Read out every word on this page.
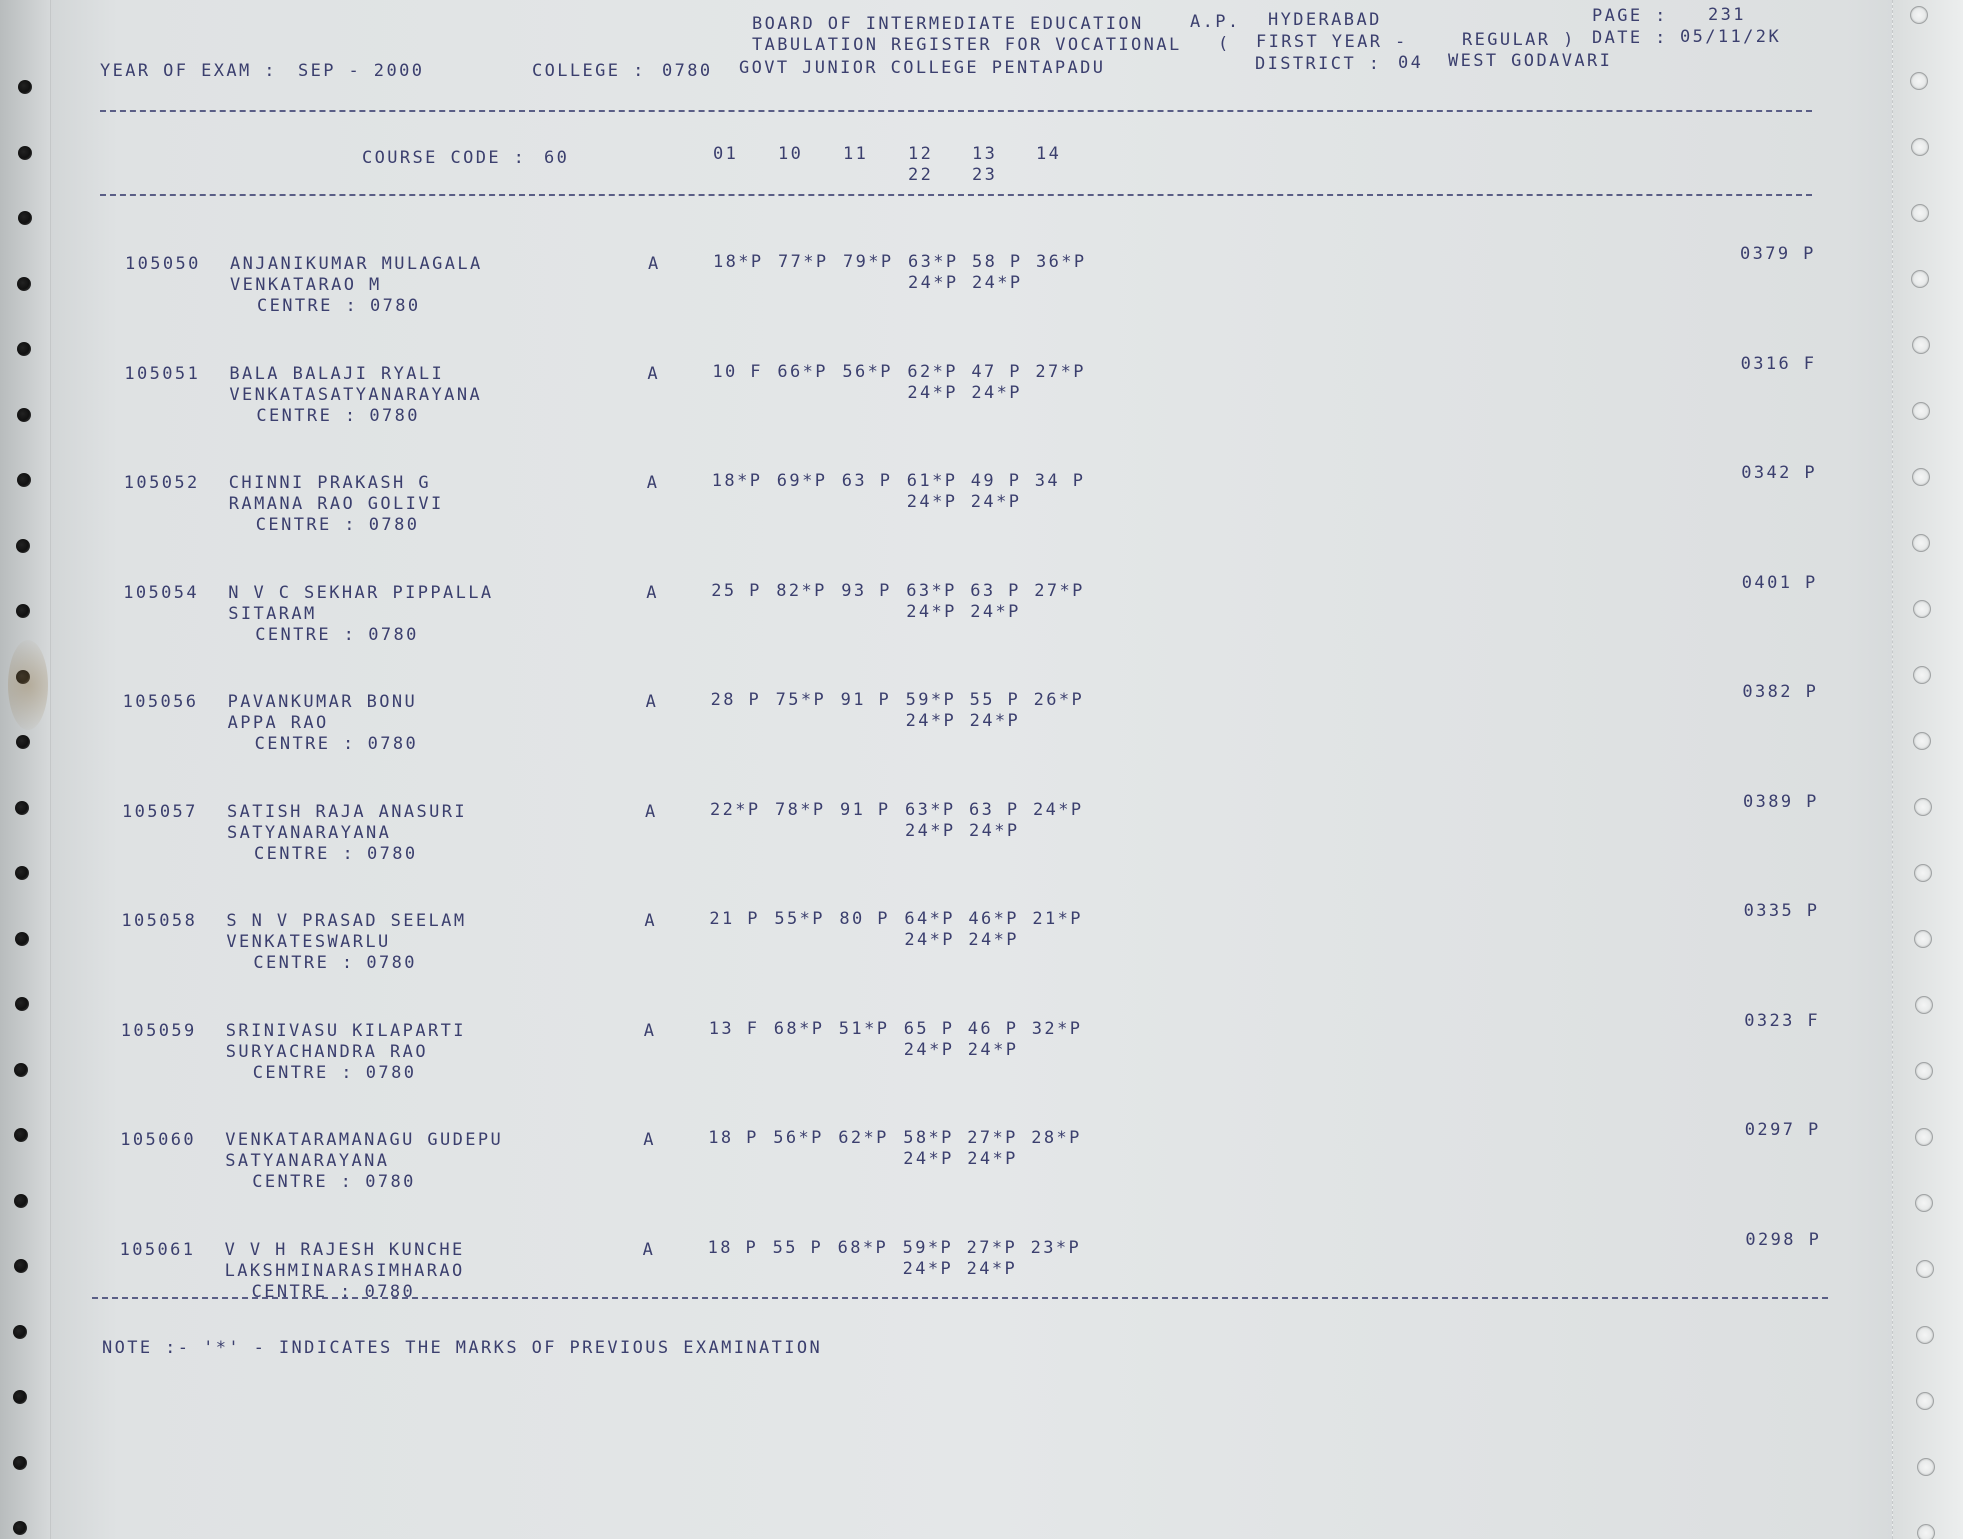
BOARD OF INTERMEDIATE EDUCATION	A.P. HYDERABAD	PAGE : 231
TABULATION REGISTER FOR VOCATIONAL ( FIRST YEAR -	REGULAR ) DATE : 05/11/2K
YEAR OF EXAM : SEP - 2000	COLLEGE : 0780 GOVT JUNIOR COLLEGE PENTAPADU	DISTRICT : 04 WEST GODAVARI
COURSE CODE : 60	01 10 11 12 13 14
22 23
105050 ANJANIKUMAR MULAGALA
VENKATARAO M
CENTRE : 0780
A	18*P 77*P 79*P 63*P 58 P 36*P
24*P 24*P
0379 P
105051 BALA BALAJI RYALI
VENKATASATYANARAYANA
CENTRE : 0780
A	10 F 66*P 56*P 62*P 47 P 27*P
24*P 24*P
0316 F
105052 CHINNI PRAKASH G
RAMANA RAO GOLIVI
CENTRE : 0780
A	18*P 69*P 63 P 61*P 49 P 34 P
24*P 24*P
0342 P
105054 N V C SEKHAR PIPPALLA
SITARAM
CENTRE : 0780
A	25 P 82*P 93 P 63*P 63 P 27*P
24*P 24*P
0401 P
105056 PAVANKUMAR BONU
APPA RAO
CENTRE : 0780
A	28 P 75*P 91 P 59*P 55 P 26*P
24*P 24*P
0382 P
105057 SATISH RAJA ANASURI
SATYANARAYANA
CENTRE : 0780
A	22*P 78*P 91 P 63*P 63 P 24*P
24*P 24*P
0389 P
105058 S N V PRASAD SEELAM
VENKATESWARLU
CENTRE : 0780
A	21 P 55*P 80 P 64*P 46*P 21*P
24*P 24*P
0335 P
105059 SRINIVASU KILAPARTI
SURYACHANDRA RAO
CENTRE : 0780
A	13 F 68*P 51*P 65 P 46 P 32*P
24*P 24*P
0323 F
105060 VENKATARAMANAGU GUDEPU
SATYANARAYANA
CENTRE : 0780
A	18 P 56*P 62*P 58*P 27*P 28*P
24*P 24*P
0297 P
105061 V V H RAJESH KUNCHE
LAKSHMINARASIMHARAO
CENTRE : 0780
A	18 P 55 P 68*P 59*P 27*P 23*P
24*P 24*P
0298 P
NOTE :- '*' - INDICATES THE MARKS OF PREVIOUS EXAMINATION
